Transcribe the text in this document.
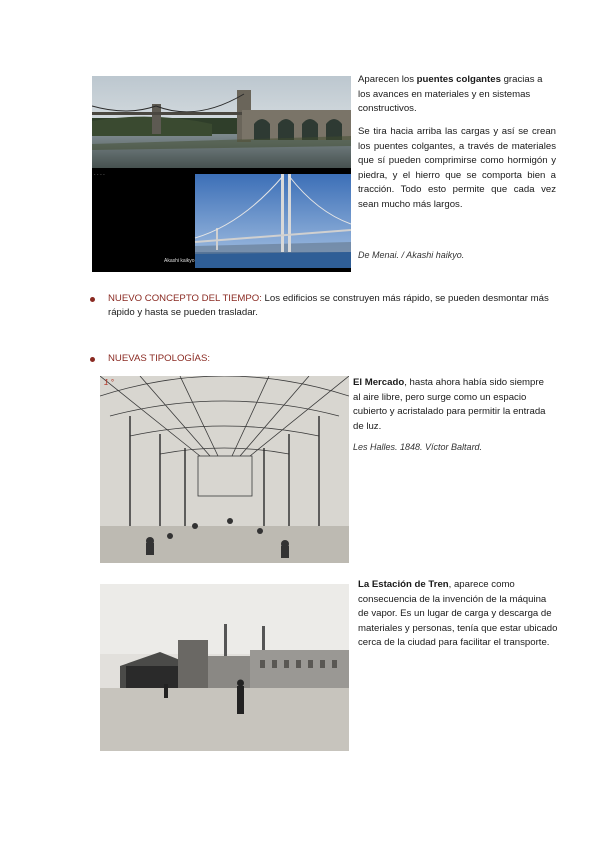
· · · ·
Akashi kaikyo
Aparecen los puentes colgantes gracias a los avances en materiales y en sistemas constructivos.
Se tira hacia arriba las cargas y así se crean los puentes colgantes, a través de materiales que sí pueden comprimirse como hormigón y piedra, y el hierro que se comporta bien a tracción. Todo esto permite que cada vez sean mucho más largos.
De Menai. / Akashi haikyo.
NUEVO CONCEPTO DEL TIEMPO: Los edificios se construyen más rápido, se pueden desmontar más rápido y hasta se pueden trasladar.
NUEVAS TIPOLOGÍAS:
1 °	El Mercado, hasta ahora había sido siempre al aire libre, pero surge como un espacio cubierto y acristalado para permitir la entrada de luz.
Les Halles. 1848. Víctor Baltard.
La Estación de Tren, aparece como consecuencia de la invención de la máquina de vapor. Es un lugar de carga y descarga de materiales y personas, tenía que estar ubicado cerca de la ciudad para facilitar el transporte.
